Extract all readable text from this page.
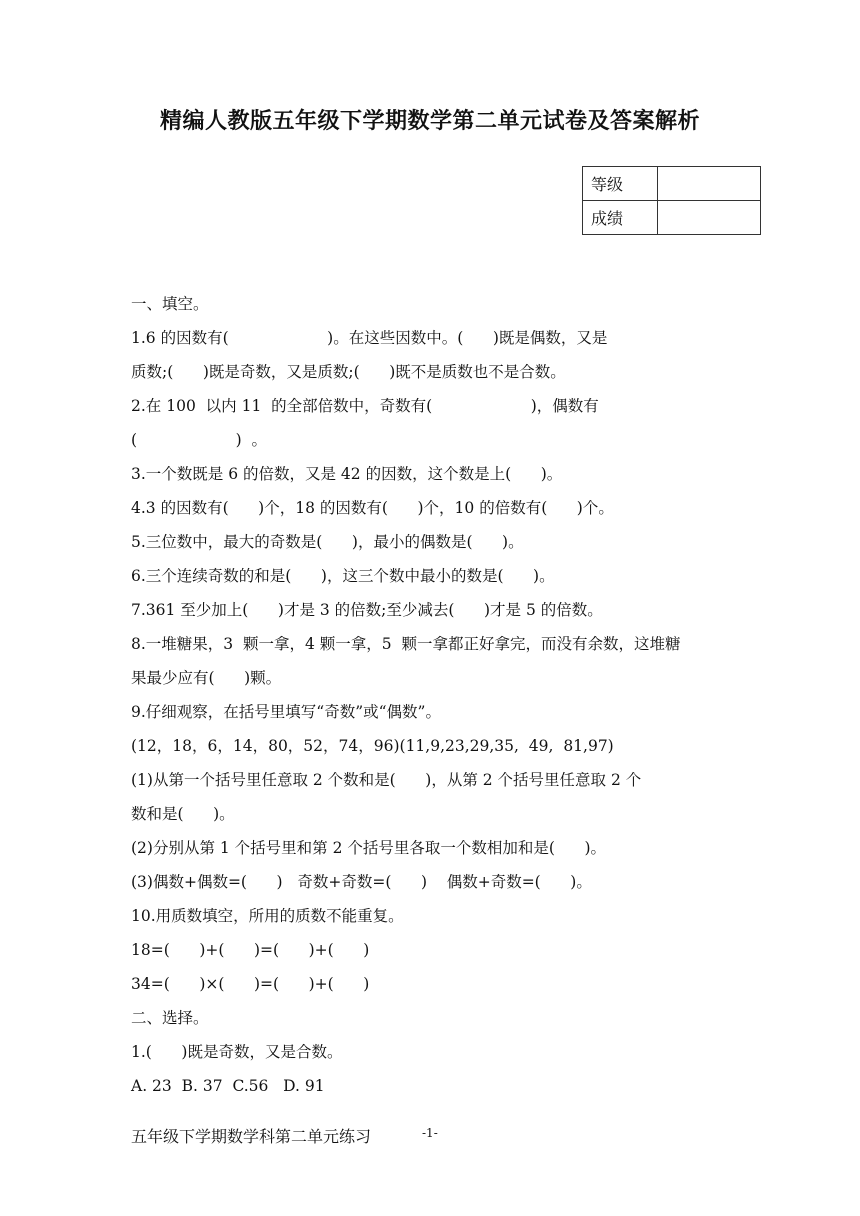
精编人教版五年级下学期数学第二单元试卷及答案解析
等级	
成绩	
一、填空。
1.6 的因数有(                    )。在这些因数中。(      )既是偶数，又是
质数;(      )既是奇数，又是质数;(      )既不是质数也不是合数。
2.在 100  以内 11  的全部倍数中，奇数有(                    )，偶数有
(                    )  。
3.一个数既是 6 的倍数，又是 42 的因数，这个数是上(      )。
4.3 的因数有(      )个，18 的因数有(      )个，10 的倍数有(      )个。
5.三位数中，最大的奇数是(      )，最小的偶数是(      )。
6.三个连续奇数的和是(      )，这三个数中最小的数是(      )。
7.361 至少加上(      )才是 3 的倍数;至少减去(      )才是 5 的倍数。
8.一堆糖果，3  颗一拿，4 颗一拿，5  颗一拿都正好拿完，而没有余数，这堆糖
果最少应有(      )颗。
9.仔细观察，在括号里填写“奇数”或“偶数”。
(12，18，6，14，80，52，74，96)(11,9,23,29,35,  49,  81,97)
(1)从第一个括号里任意取 2 个数和是(      )，从第 2 个括号里任意取 2 个
数和是(      )。
(2)分别从第 1 个括号里和第 2 个括号里各取一个数相加和是(      )。
(3)偶数+偶数=(      )   奇数+奇数=(      )    偶数+奇数=(      )。
10.用质数填空，所用的质数不能重复。
18=(      )+(      )=(      )+(      )
34=(      )×(      )=(      )+(      )
二、选择。
1.(      )既是奇数，又是合数。
A. 23  B. 37  C.56   D. 91
五年级下学期数学科第二单元练习	-1-
